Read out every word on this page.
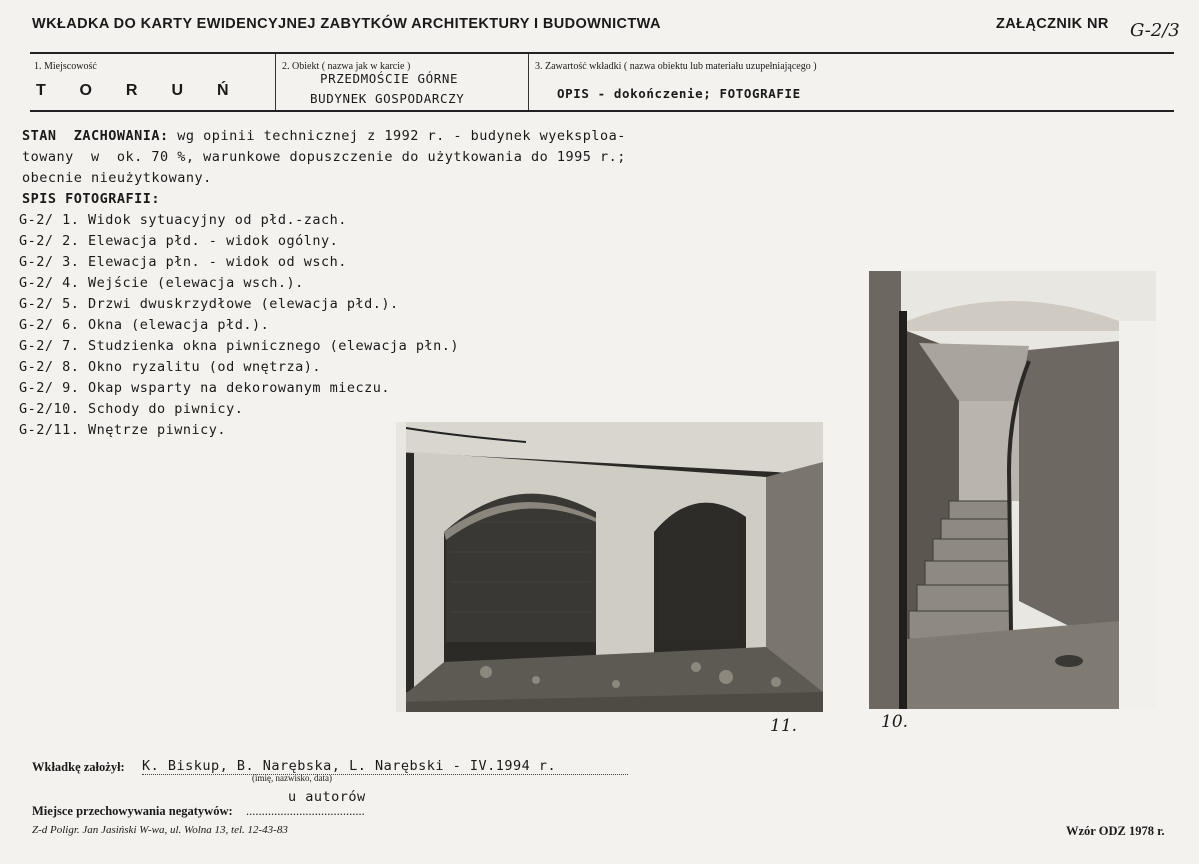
WKŁADKA DO KARTY EWIDENCYJNEJ ZABYTKÓW ARCHITEKTURY I BUDOWNICTWA	ZAŁĄCZNIK NR G-2/3
1. Miejscowość
TORUŃ
2. Obiekt ( nazwa jak w karcie )
PRZEDMOŚCIE GÓRNE
BUDYNEK GOSPODARCZY
3. Zawartość wkładki ( nazwa obiektu lub materiału uzupełniającego )
OPIS - dokończenie; FOTOGRAFIE
STAN  ZACHOWANIA: wg opinii technicznej z 1992 r. - budynek wyeksploa-
towany  w  ok. 70 %, warunkowe dopuszczenie do użytkowania do 1995 r.;
obecnie nieużytkowany.
SPIS FOTOGRAFII:
G-2/ 1. Widok sytuacyjny od płd.-zach.
G-2/ 2. Elewacja płd. - widok ogólny.
G-2/ 3. Elewacja płn. - widok od wsch.
G-2/ 4. Wejście (elewacja wsch.).
G-2/ 5. Drzwi dwuskrzydłowe (elewacja płd.).
G-2/ 6. Okna (elewacja płd.).
G-2/ 7. Studzienka okna piwnicznego (elewacja płn.)
G-2/ 8. Okno ryzalitu (od wnętrza).
G-2/ 9. Okap wsparty na dekorowanym mieczu.
G-2/10. Schody do piwnicy.
G-2/11. Wnętrze piwnicy.
11.	10.
Wkładkę założył: K. Biskup, B. Narębska, L. Narębski - IV.1994 r.
(imię, nazwisko, data)
u autorów
Miejsce przechowywania negatywów: ......................................
Z-d Poligr. Jan Jasiński W-wa, ul. Wolna 13, tel. 12-43-83	Wzór ODZ 1978 r.
